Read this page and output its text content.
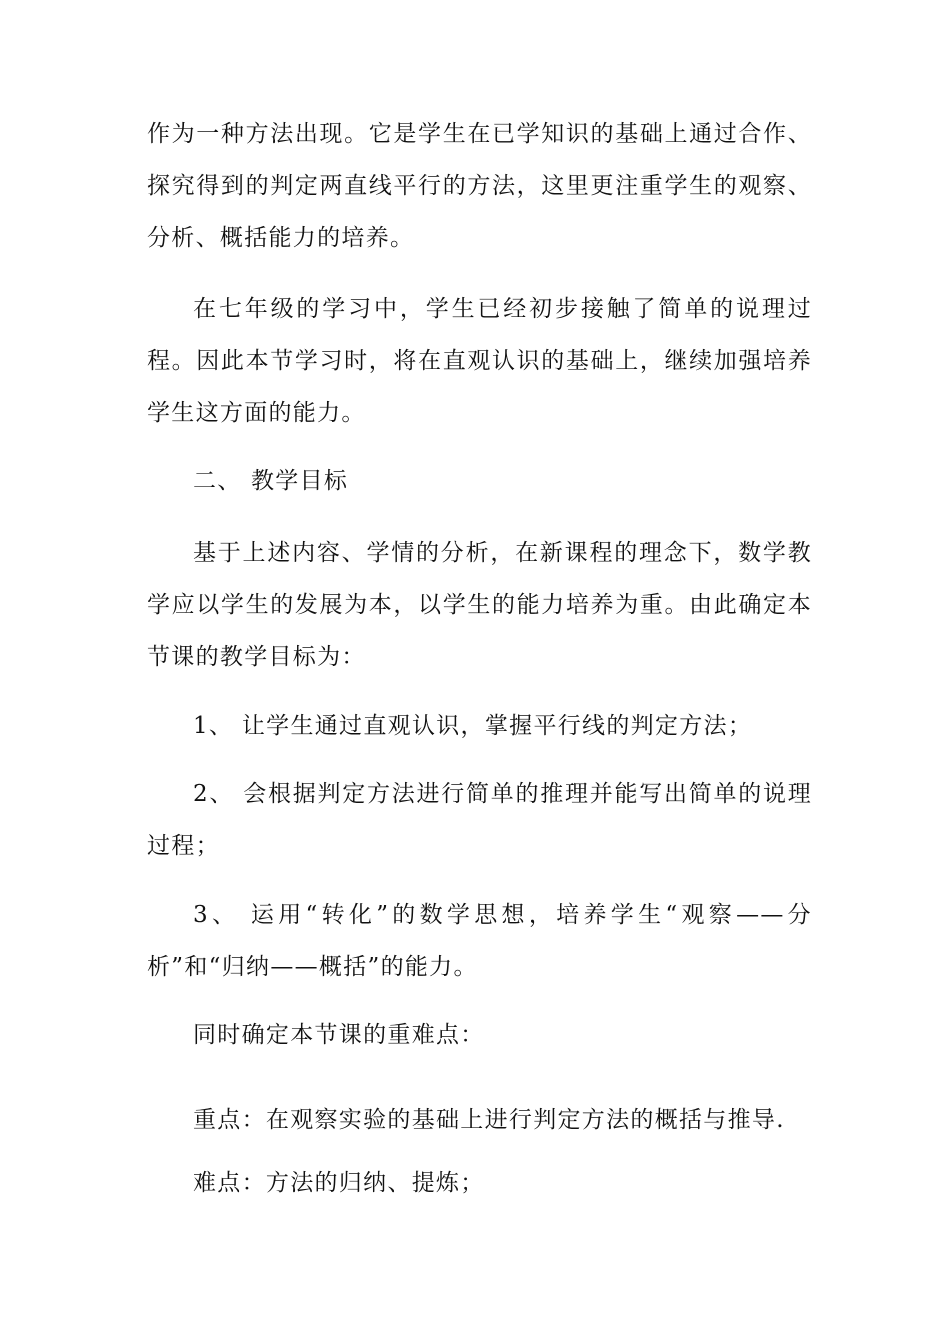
作为一种方法出现。它是学生在已学知识的基础上通过合作、探究得到的判定两直线平行的方法，这里更注重学生的观察、分析、概括能力的培养。

在七年级的学习中，学生已经初步接触了简单的说理过程。因此本节学习时，将在直观认识的基础上，继续加强培养学生这方面的能力。

二、 教学目标

基于上述内容、学情的分析，在新课程的理念下，数学教学应以学生的发展为本，以学生的能力培养为重。由此确定本节课的教学目标为：

1、 让学生通过直观认识，掌握平行线的判定方法；

2、 会根据判定方法进行简单的推理并能写出简单的说理过程；

3、 运用“转化”的数学思想，培养学生“观察——分析”和“归纳——概括”的能力。

同时确定本节课的重难点：

重点：在观察实验的基础上进行判定方法的概括与推导.

难点：方法的归纳、提炼；
